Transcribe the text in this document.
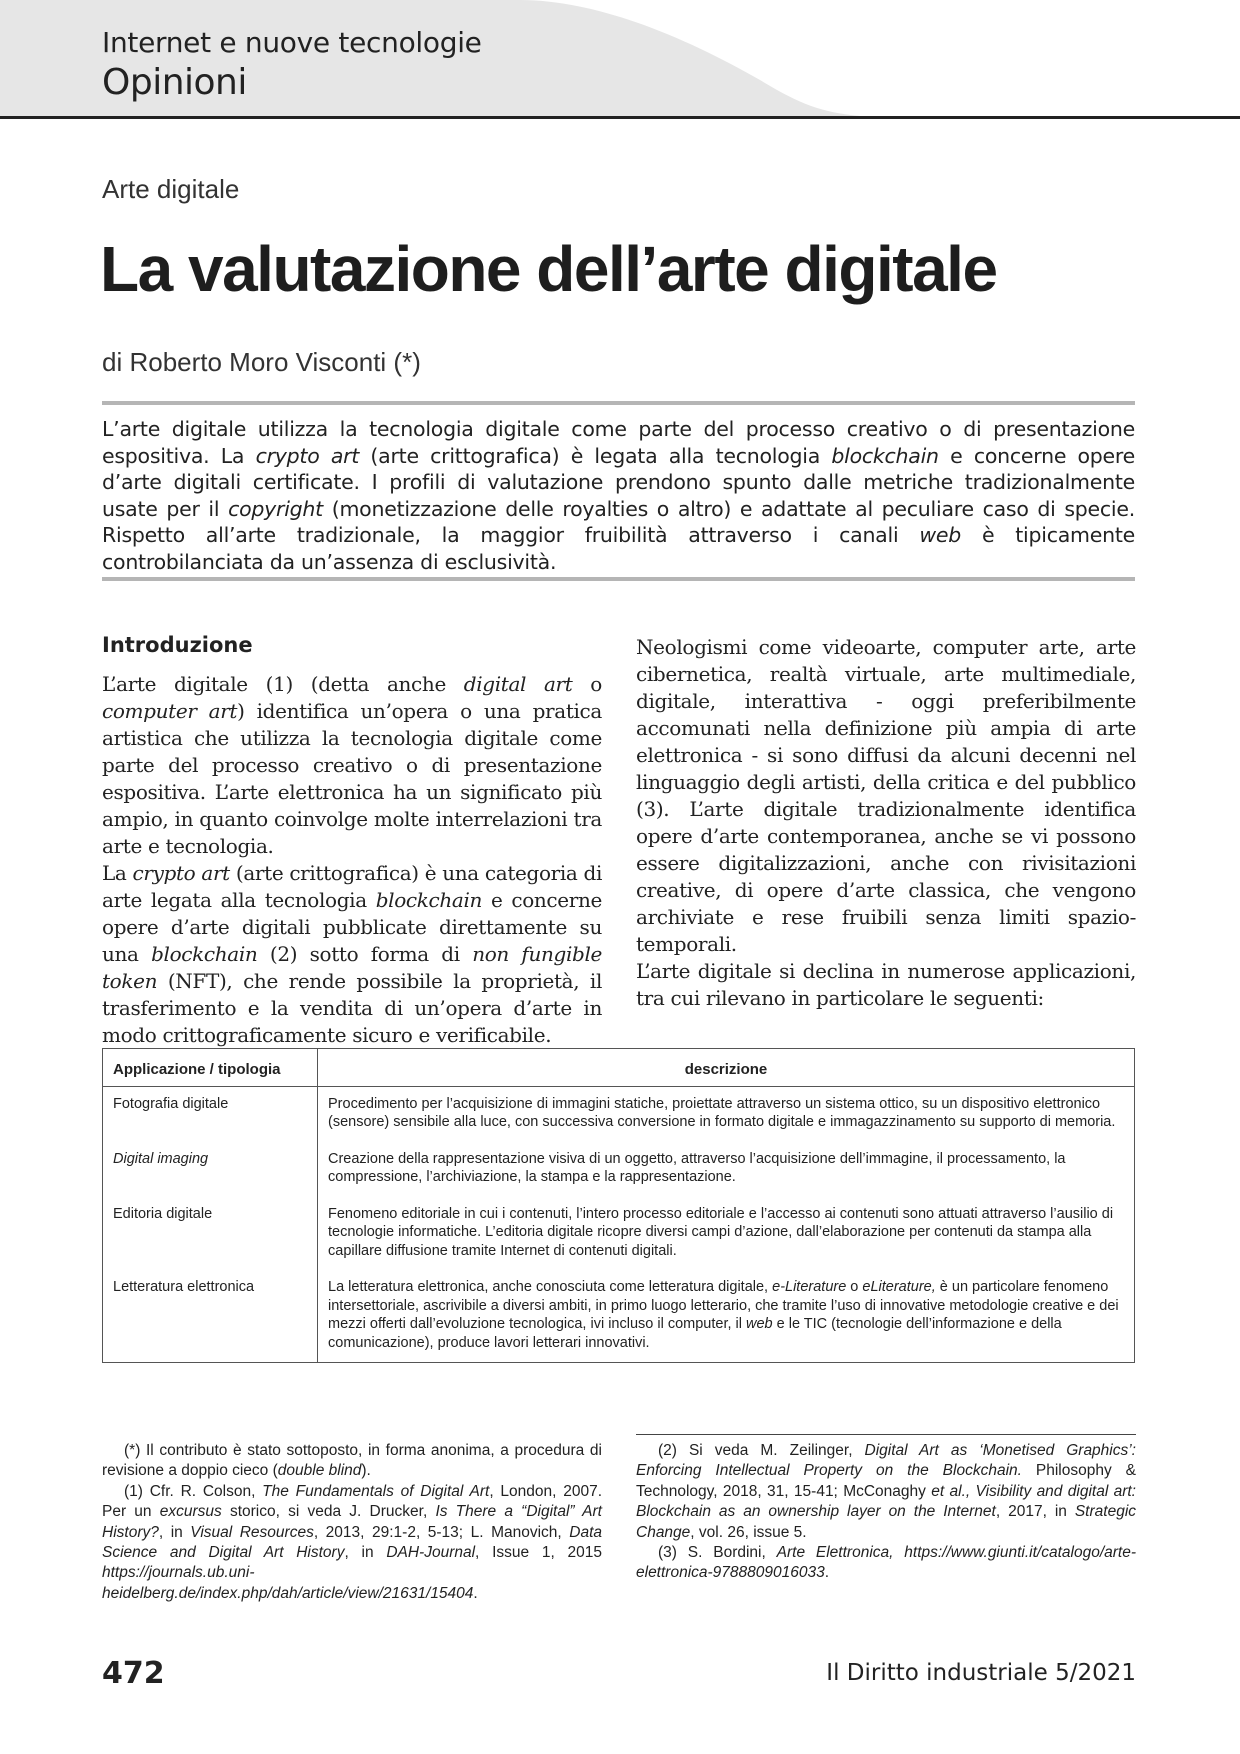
Internet e nuove tecnologie
Opinioni
Arte digitale
La valutazione dell’arte digitale
di Roberto Moro Visconti (*)

L’arte digitale utilizza la tecnologia digitale come parte del processo creativo o di presentazione espositiva. La crypto art (arte crittografica) è legata alla tecnologia blockchain e concerne opere d’arte digitali certificate. I profili di valutazione prendono spunto dalle metriche tradizionalmente usate per il copyright (monetizzazione delle royalties o altro) e adattate al peculiare caso di specie. Rispetto all’arte tradizionale, la maggior fruibilità attraverso i canali web è tipicamente controbilanciata da un’assenza di esclusività.

Introduzione

L’arte digitale (1) (detta anche digital art o computer art) identifica un’opera o una pratica artistica che utilizza la tecnologia digitale come parte del processo creativo o di presentazione espositiva. L’arte elettronica ha un significato più ampio, in quanto coinvolge molte interrelazioni tra arte e tecnologia.

La crypto art (arte crittografica) è una categoria di arte legata alla tecnologia blockchain e concerne opere d’arte digitali pubblicate direttamente su una blockchain (2) sotto forma di non fungible token (NFT), che rende possibile la proprietà, il trasferimento e la vendita di un’opera d’arte in modo crittograficamente sicuro e verificabile.

Neologismi come videoarte, computer arte, arte cibernetica, realtà virtuale, arte multimediale, digitale, interattiva - oggi preferibilmente accomunati nella definizione più ampia di arte elettronica - si sono diffusi da alcuni decenni nel linguaggio degli artisti, della critica e del pubblico (3). L’arte digitale tradizionalmente identifica opere d’arte contemporanea, anche se vi possono essere digitalizzazioni, anche con rivisitazioni creative, di opere d’arte classica, che vengono archiviate e rese fruibili senza limiti spazio-temporali.

L’arte digitale si declina in numerose applicazioni, tra cui rilevano in particolare le seguenti:

Applicazione / tipologia	descrizione
Fotografia digitale	Procedimento per l’acquisizione di immagini statiche, proiettate attraverso un sistema ottico, su un dispositivo elettronico (sensore) sensibile alla luce, con successiva conversione in formato digitale e immagazzinamento su supporto di memoria.
Digital imaging	Creazione della rappresentazione visiva di un oggetto, attraverso l’acquisizione dell’immagine, il processamento, la compressione, l’archiviazione, la stampa e la rappresentazione.
Editoria digitale	Fenomeno editoriale in cui i contenuti, l’intero processo editoriale e l’accesso ai contenuti sono attuati attraverso l’ausilio di tecnologie informatiche. L’editoria digitale ricopre diversi campi d’azione, dall’elaborazione per contenuti da stampa alla capillare diffusione tramite Internet di contenuti digitali.
Letteratura elettronica	La letteratura elettronica, anche conosciuta come letteratura digitale, e-Literature o eLiterature, è un particolare fenomeno intersettoriale, ascrivibile a diversi ambiti, in primo luogo letterario, che tramite l’uso di innovative metodologie creative e dei mezzi offerti dall’evoluzione tecnologica, ivi incluso il computer, il web e le TIC (tecnologie dell’informazione e della comunicazione), produce lavori letterari innovativi.

(*) Il contributo è stato sottoposto, in forma anonima, a procedura di revisione a doppio cieco (double blind).

(1) Cfr. R. Colson, The Fundamentals of Digital Art, London, 2007. Per un excursus storico, si veda J. Drucker, Is There a “Digital” Art History?, in Visual Resources, 2013, 29:1-2, 5-13; L. Manovich, Data Science and Digital Art History, in DAH-Journal, Issue 1, 2015 https://journals.ub.uni-heidelberg.de/index.php/dah/article/view/21631/15404.

(2) Si veda M. Zeilinger, Digital Art as ‘Monetised Graphics’: Enforcing Intellectual Property on the Blockchain. Philosophy & Technology, 2018, 31, 15-41; McConaghy et al., Visibility and digital art: Blockchain as an ownership layer on the Internet, 2017, in Strategic Change, vol. 26, issue 5.

(3) S. Bordini, Arte Elettronica, https://www.giunti.it/catalogo/arte-elettronica-9788809016033.

472	Il Diritto industriale 5/2021
